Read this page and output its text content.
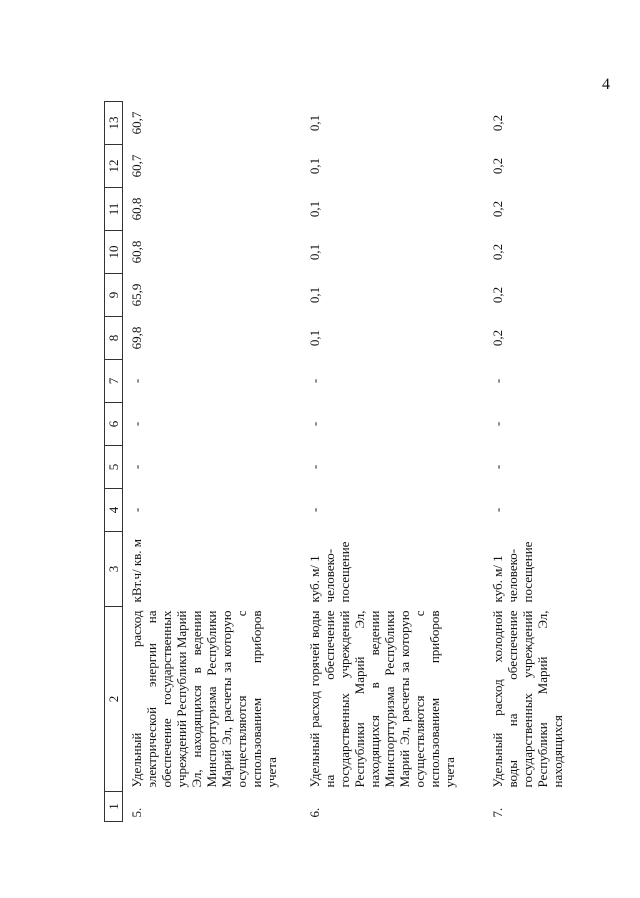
4
1	2	3	4	5	6	7	8	9	10	11	12	13
5.	Удельный расход электрической энергии на обеспечение государственных учреждений Республики Марий Эл, находящихся в ведении Минспорттуризма Республики Марий Эл, расчеты за которую осуществляются с использованием приборов учета	кВт.ч/ кв. м	-	-	-	-	69,8	65,9	60,8	60,8	60,7	60,7
6.	Удельный расход горячей воды на обеспечение государственных учреждений Республики Марий Эл, находящихся в ведении Минспорттуризма Республики Марий Эл, расчеты за которую осуществляются с использованием приборов учета	куб. м/ 1 человеко-посещение	-	-	-	-	0,1	0,1	0,1	0,1	0,1	0,1
7.	Удельный расход холодной воды на обеспечение государственных учреждений Республики Марий Эл, находящихся	куб. м/ 1 человеко-посещение	-	-	-	-	0,2	0,2	0,2	0,2	0,2	0,2
